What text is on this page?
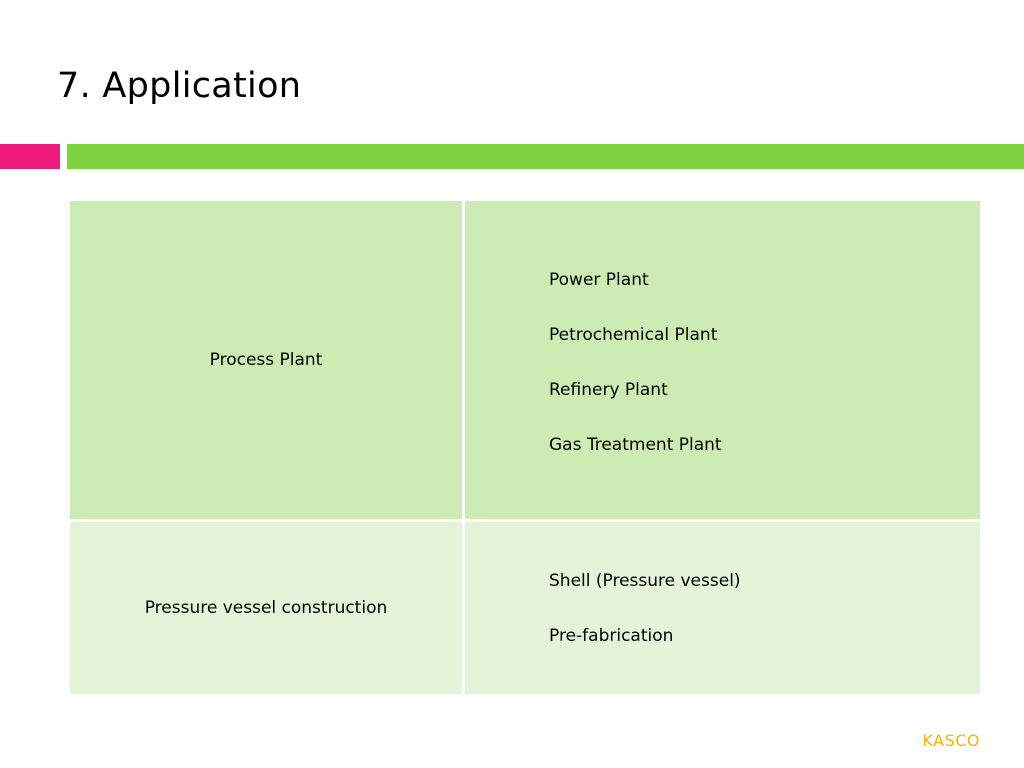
7. Application
Process Plant
Power Plant
Petrochemical Plant
Refinery Plant
Gas Treatment Plant
Pressure vessel construction
Shell (Pressure vessel)
Pre-fabrication
KASCO
